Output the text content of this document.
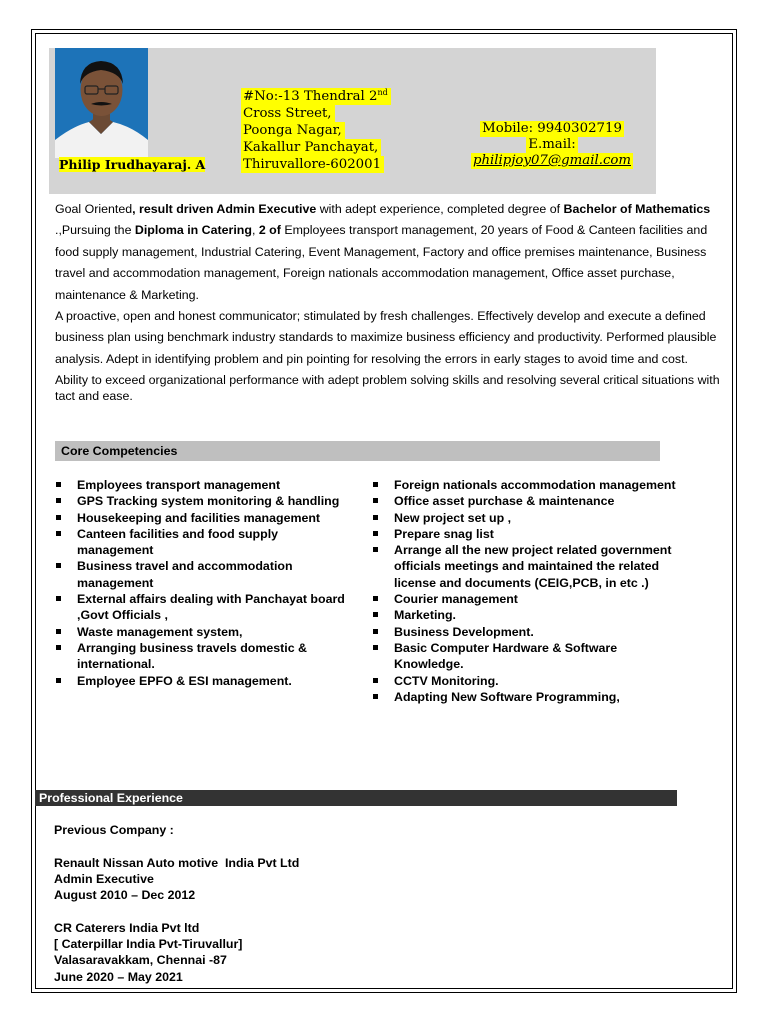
Philip Irudhayaraj. A
#No:-13 Thendral 2nd
Cross Street,
Poonga Nagar,
Kakallur Panchayat,
Thiruvallore-602001
Mobile: 9940302719
E.mail:
philipjoy07@gmail.com

Goal Oriented, result driven Admin Executive with adept experience, completed degree of Bachelor of Mathematics .,Pursuing the Diploma in Catering, 2 of Employees transport management, 20 years of Food & Canteen facilities and food supply management, Industrial Catering, Event Management, Factory and office premises maintenance, Business travel and accommodation management, Foreign nationals accommodation management, Office asset purchase, maintenance & Marketing.

A proactive, open and honest communicator; stimulated by fresh challenges. Effectively develop and execute a defined business plan using benchmark industry standards to maximize business efficiency and productivity. Performed plausible analysis. Adept in identifying problem and pin pointing for resolving the errors in early stages to avoid time and cost.

Ability to exceed organizational performance with adept problem solving skills and resolving several critical situations with tact and ease.

Core Competencies
Employees transport management
GPS Tracking system monitoring & handling
Housekeeping and facilities management
Canteen facilities and food supply management
Business travel and accommodation management
External affairs dealing with Panchayat board ,Govt Officials ,
Waste management system,
Arranging business travels domestic & international.
Employee EPFO & ESI management.
Foreign nationals accommodation management
Office asset purchase & maintenance
New project set up ,
Prepare snag list
Arrange all the new project related government officials meetings and maintained the related license and documents (CEIG,PCB, in etc .)
Courier management
Marketing.
Business Development.
Basic Computer Hardware & Software Knowledge.
CCTV Monitoring.
Adapting New Software Programming,
Professional Experience
Previous Company :
Renault Nissan Auto motive  India Pvt Ltd
Admin Executive
August 2010 – Dec 2012
CR Caterers India Pvt ltd
[ Caterpillar India Pvt-Tiruvallur]
Valasaravakkam, Chennai -87
June 2020 – May 2021
